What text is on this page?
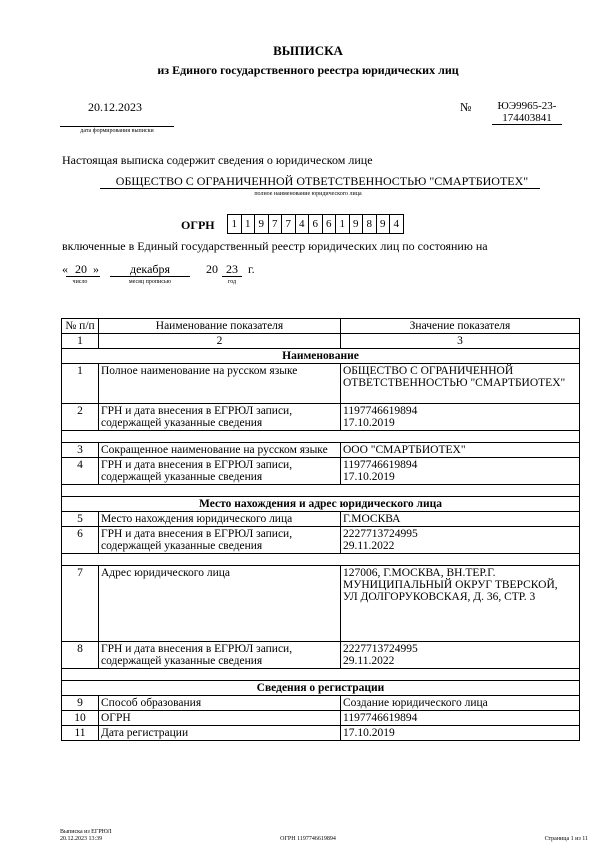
ВЫПИСКА
из Единого государственного реестра юридических лиц
20.12.2023
дата формирования выписки
№	ЮЭ9965-23-
174403841
Настоящая выписка содержит сведения о юридическом лице
ОБЩЕСТВО С ОГРАНИЧЕННОЙ ОТВЕТСТВЕННОСТЬЮ "СМАРТБИОТЕХ"
полное наименование юридического лица
ОГРН	1 1 9 7 7 4 6 6 1 9 8 9 4
включенные в Единый государственный реестр юридических лиц по состоянию на
« 20 »
число
декабря
месяц прописью
20 23 г.
год
№ п/п	Наименование показателя	Значение показателя
1	2	3
Наименование		
1	Полное наименование на русском языке	ОБЩЕСТВО С ОГРАНИЧЕННОЙ ОТВЕТСТВЕННОСТЬЮ "СМАРТБИОТЕХ"
2	ГРН и дата внесения в ЕГРЮЛ записи, содержащей указанные сведения	1197746619894 17.10.2019

3	Сокращенное наименование на русском языке	ООО "СМАРТБИОТЕХ"
4	ГРН и дата внесения в ЕГРЮЛ записи, содержащей указанные сведения	1197746619894 17.10.2019

Место нахождения и адрес юридического лица		
5	Место нахождения юридического лица	Г.МОСКВА
6	ГРН и дата внесения в ЕГРЮЛ записи, содержащей указанные сведения	2227713724995 29.11.2022

7	Адрес юридического лица	127006, Г.МОСКВА, ВН.ТЕР.Г. МУНИЦИПАЛЬНЫЙ ОКРУГ ТВЕРСКОЙ, УЛ ДОЛГОРУКОВСКАЯ, Д. 36, СТР. 3
8	ГРН и дата внесения в ЕГРЮЛ записи, содержащей указанные сведения	2227713724995 29.11.2022

Сведения о регистрации		
9	Способ образования	Создание юридического лица
10	ОГРН	1197746619894
11	Дата регистрации	17.10.2019
Выписка из ЕГРЮЛ
20.12.2023 13:39	ОГРН 1197746619894	Страница 1 из 11
